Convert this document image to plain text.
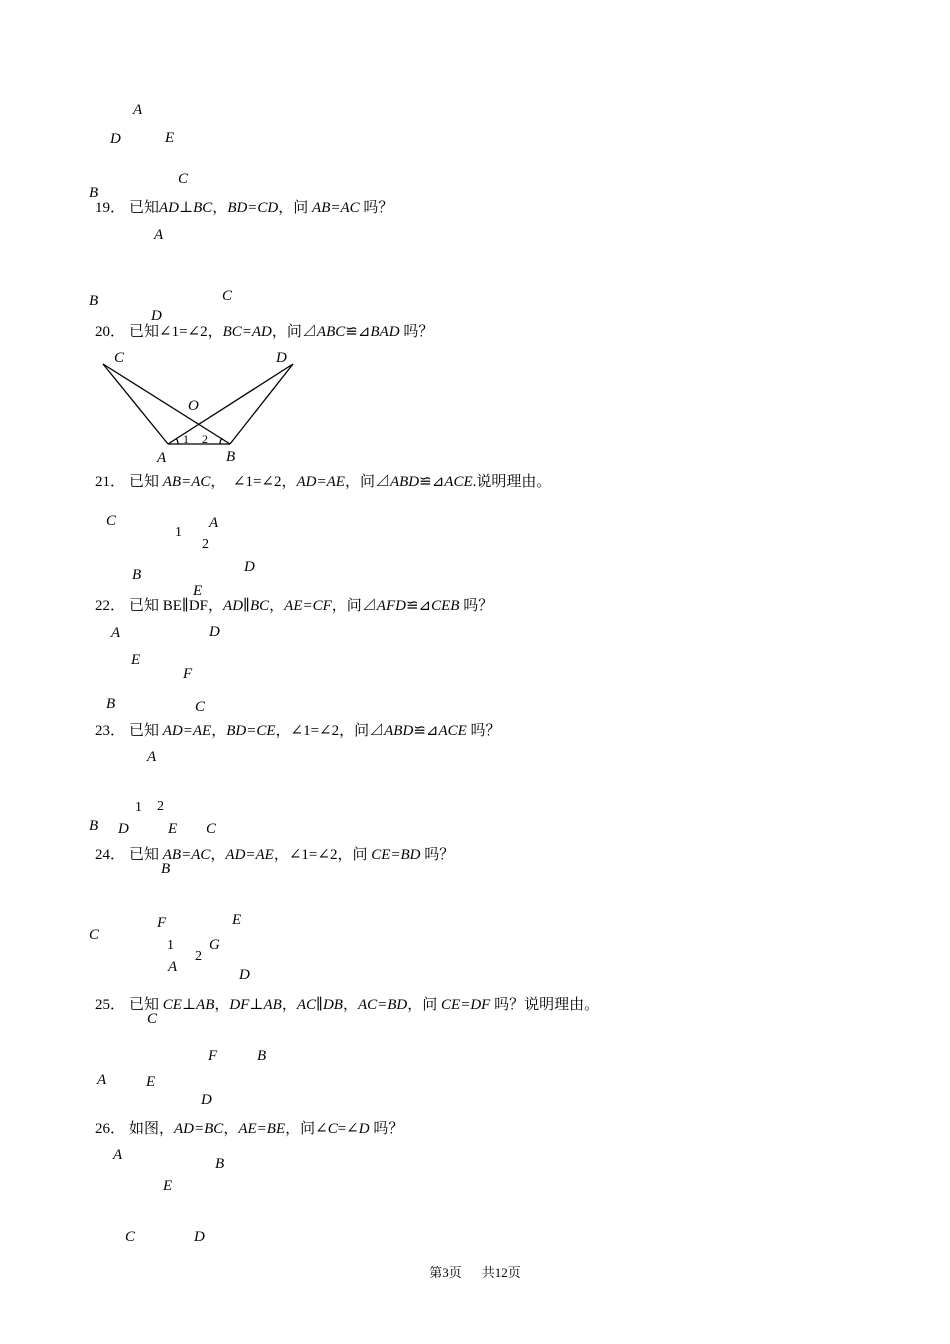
A
D	E
C
B
19． 已知AD⊥BC，BD=CD，问 AB=AC 吗？
A
B	C
D
20． 已知∠1=∠2，BC=AD，问⊿ABC≌⊿BAD 吗？
C	D
O
A	B
1 2
21． 已知 AB=AC，　∠1=∠2，AD=AE，问⊿ABD≌⊿ACE.说明理由。
C
1
A
2
D
B
E
22． 已知 BE∥DF，AD∥BC，AE=CF，问⊿AFD≌⊿CEB 吗？
A	D
E
F
B	C
23． 已知 AD=AE，BD=CE，∠1=∠2，问⊿ABD≌⊿ACE 吗？
A
1 2
B D	E C
24． 已知 AB=AC，AD=AE，∠1=∠2，问 CE=BD 吗？
B
E
F
C
1 G
2
A	D
25． 已知 CE⊥AB，DF⊥AB，AC∥DB，AC=BD，问 CE=DF 吗？说明理由。
C
F	B
A	E
D
26． 如图，AD=BC，AE=BE，问∠C=∠D 吗？
A
B
E
C	D
第3页 共12页
